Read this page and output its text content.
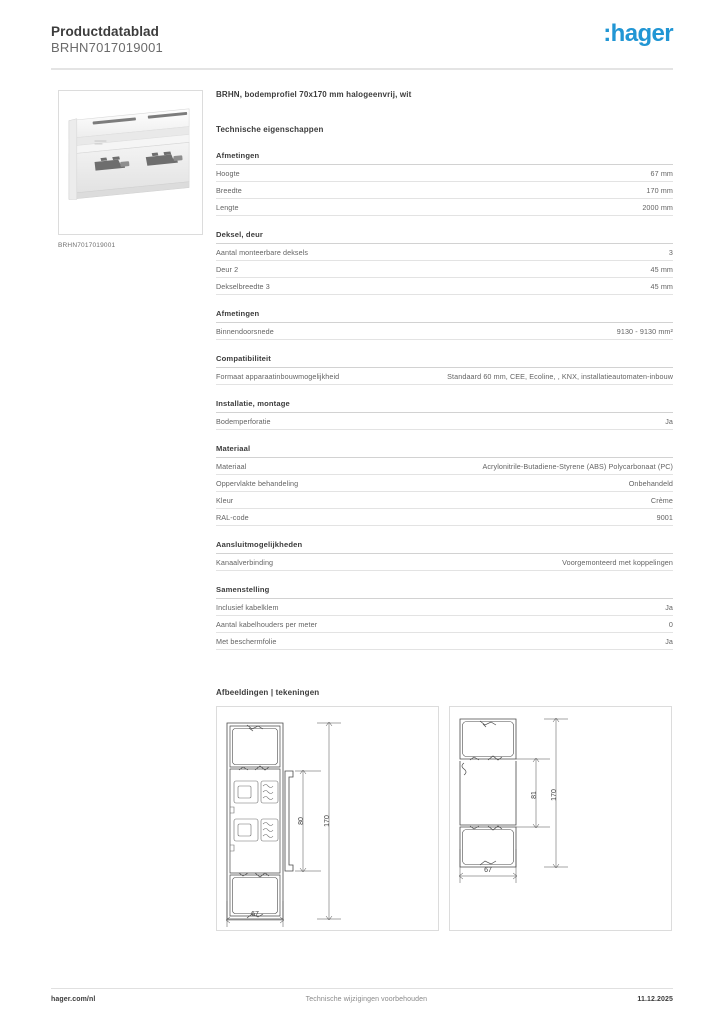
Productdatablad
BRHN7017019001
:hager
BRHN7017019001
BRHN, bodemprofiel 70x170 mm halogeenvrij, wit
Technische eigenschappen
Afmetingen
Hoogte	67 mm
Breedte	170 mm
Lengte	2000 mm
Deksel, deur
Aantal monteerbare deksels	3
Deur 2	45 mm
Dekselbreedte 3	45 mm
Afmetingen
Binnendoorsnede	9130 - 9130 mm²
Compatibiliteit
Formaat apparaatinbouwmogelijkheid	Standaard 60 mm, CEE, Ecoline, , KNX, installatieautomaten-inbouw
Installatie, montage
Bodemperforatie	Ja
Materiaal
Materiaal	Acrylonitrile-Butadiene-Styrene (ABS) Polycarbonaat (PC)
Oppervlakte behandeling	Onbehandeld
Kleur	Crème
RAL-code	9001
Aansluitmogelijkheden
Kanaalverbinding	Voorgemonteerd met koppelingen
Samenstelling
Inclusief kabelklem	Ja
Aantal kabelhouders per meter	0
Met beschermfolie	Ja
Afbeeldingen | tekeningen
80	170
67
81 170
67
hager.com/nl	Technische wijzigingen voorbehouden	11.12.2025
